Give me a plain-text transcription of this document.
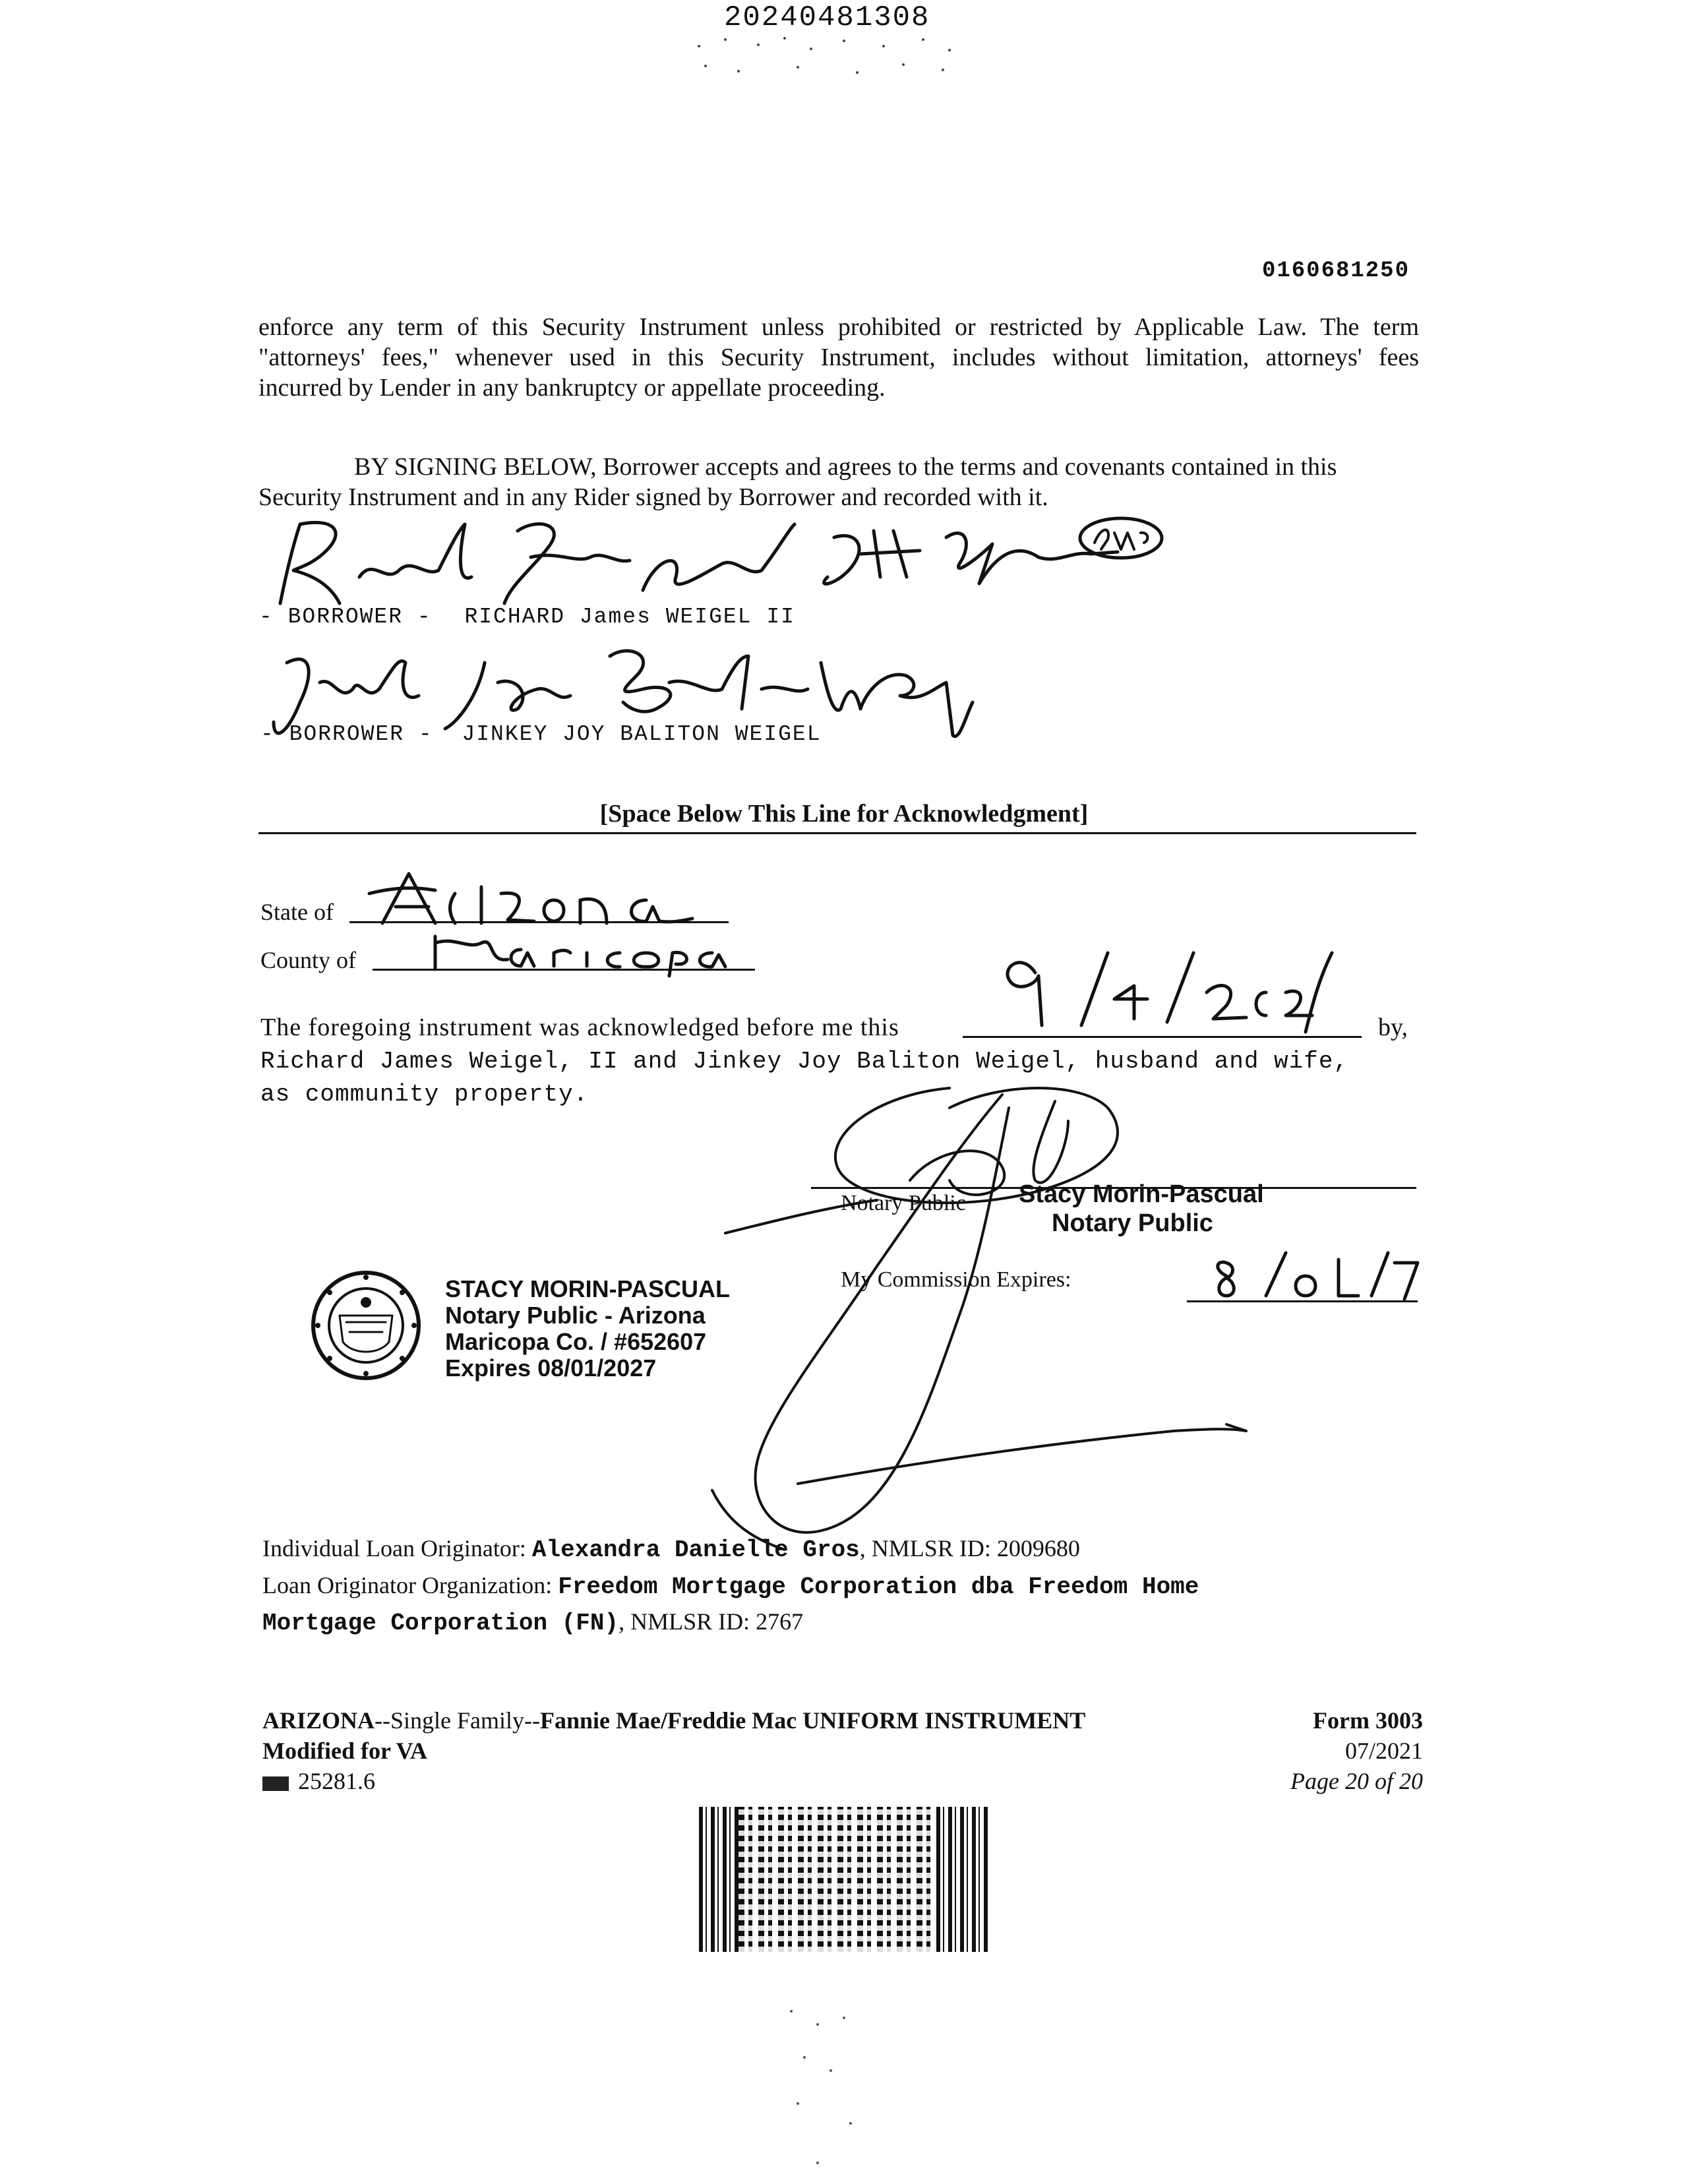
20240481308
0160681250
enforce any term of this Security Instrument unless prohibited or restricted by Applicable Law. The term
"attorneys' fees," whenever used in this Security Instrument, includes without limitation, attorneys' fees
incurred by Lender in any bankruptcy or appellate proceeding.
BY SIGNING BELOW, Borrower accepts and agrees to the terms and covenants contained in this
Security Instrument and in any Rider signed by Borrower and recorded with it.
- BORROWER - RICHARD James WEIGEL II
- BORROWER - JINKEY JOY BALITON WEIGEL
[Space Below This Line for Acknowledgment]
State of
County of
The foregoing instrument was acknowledged before me this	by,
Richard James Weigel, II and Jinkey Joy Baliton Weigel, husband and wife,
as community property.
Notary Public Stacy Morin-Pascual
Notary Public
My Commission Expires:
STACY MORIN-PASCUAL
Notary Public - Arizona
Maricopa Co. / #652607
Expires 08/01/2027
Individual Loan Originator: Alexandra Danielle Gros, NMLSR ID: 2009680
Loan Originator Organization: Freedom Mortgage Corporation dba Freedom Home
Mortgage Corporation (FN), NMLSR ID: 2767
ARIZONA--Single Family--Fannie Mae/Freddie Mac UNIFORM INSTRUMENT
Modified for VA
25281.6
Form 3003
07/2021
Page 20 of 20
